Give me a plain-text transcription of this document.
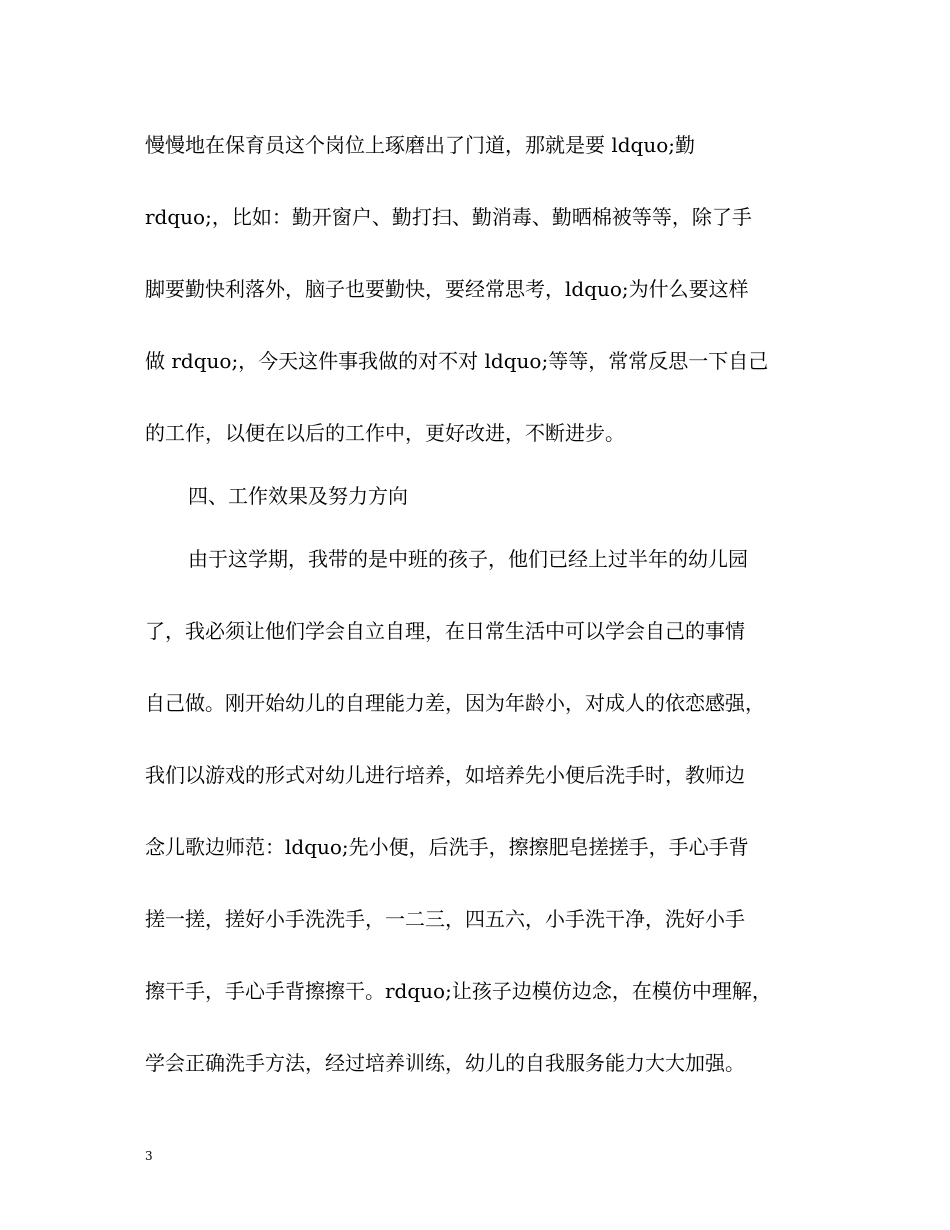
慢慢地在保育员这个岗位上琢磨出了门道，那就是要 ldquo;勤
rdquo;，比如：勤开窗户、勤打扫、勤消毒、勤晒棉被等等，除了手
脚要勤快利落外，脑子也要勤快，要经常思考，ldquo;为什么要这样
做 rdquo;，今天这件事我做的对不对 ldquo;等等，常常反思一下自己
的工作，以便在以后的工作中，更好改进，不断进步。
四、工作效果及努力方向
由于这学期，我带的是中班的孩子，他们已经上过半年的幼儿园
了，我必须让他们学会自立自理，在日常生活中可以学会自己的事情
自己做。刚开始幼儿的自理能力差，因为年龄小，对成人的依恋感强，
我们以游戏的形式对幼儿进行培养，如培养先小便后洗手时，教师边
念儿歌边师范：ldquo;先小便，后洗手，擦擦肥皂搓搓手，手心手背
搓一搓，搓好小手洗洗手，一二三，四五六，小手洗干净，洗好小手
擦干手，手心手背擦擦干。rdquo;让孩子边模仿边念，在模仿中理解，
学会正确洗手方法，经过培养训练，幼儿的自我服务能力大大加强。
3
